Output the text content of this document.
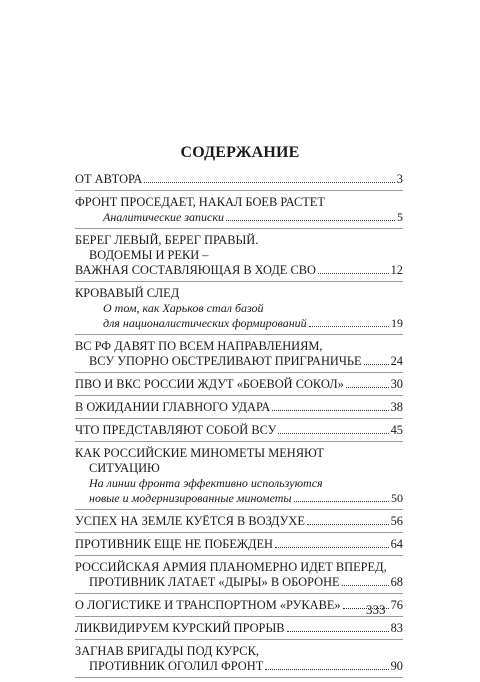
СОДЕРЖАНИЕ
ОТ АВТОРА	3
ФРОНТ ПРОСЕДАЕТ, НАКАЛ БОЕВ РАСТЕТ
Аналитические записки	5
БЕРЕГ ЛЕВЫЙ, БЕРЕГ ПРАВЫЙ.
ВОДОЕМЫ И РЕКИ –
ВАЖНАЯ СОСТАВЛЯЮЩАЯ В ХОДЕ СВО	12
КРОВАВЫЙ СЛЕД
О том, как Харьков стал базой
для националистических формирований	19
ВС РФ ДАВЯТ ПО ВСЕМ НАПРАВЛЕНИЯМ,
ВСУ УПОРНО ОБСТРЕЛИВАЮТ ПРИГРАНИЧЬЕ 24
ПВО И ВКС РОССИИ ЖДУТ «БОЕВОЙ СОКОЛ»	30
В ОЖИДАНИИ ГЛАВНОГО УДАРА	38
ЧТО ПРЕДСТАВЛЯЮТ СОБОЙ ВСУ	45
КАК РОССИЙСКИЕ МИНОМЕТЫ МЕНЯЮТ
СИТУАЦИЮ
На линии фронта эффективно используются
новые и модернизированные минометы	50
УСПЕХ НА ЗЕМЛЕ КУЁТСЯ В ВОЗДУХЕ	56
ПРОТИВНИК ЕЩЕ НЕ ПОБЕЖДЕН	64
РОССИЙСКАЯ АРМИЯ ПЛАНОМЕРНО ИДЕТ ВПЕРЕД,
ПРОТИВНИК ЛАТАЕТ «ДЫРЫ» В ОБОРОНЕ	68
О ЛОГИСТИКЕ И ТРАНСПОРТНОМ «РУКАВЕ»	76
ЛИКВИДИРУЕМ КУРСКИЙ ПРОРЫВ	83
ЗАГНАВ БРИГАДЫ ПОД КУРСК,
ПРОТИВНИК ОГОЛИЛ ФРОНТ	90
333
